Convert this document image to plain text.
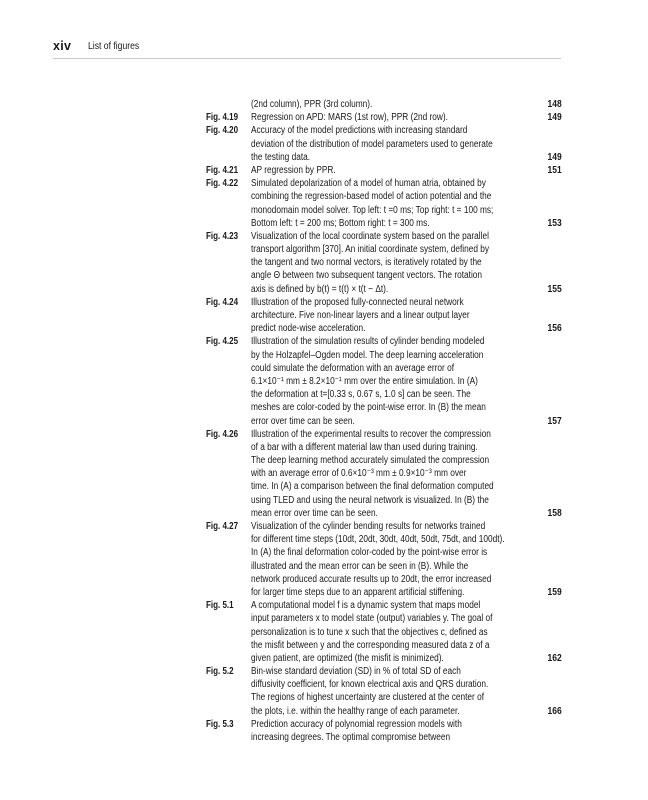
xiv List of figures
(2nd column), PPR (3rd column).	148
Fig. 4.19 Regression on APD: MARS (1st row), PPR (2nd row).	149
Fig. 4.20 Accuracy of the model predictions with increasing standard
deviation of the distribution of model parameters used to generate
the testing data.	149
Fig. 4.21 AP regression by PPR.	151
Fig. 4.22 Simulated depolarization of a model of human atria, obtained by
combining the regression-based model of action potential and the
monodomain model solver. Top left: t =0 ms; Top right: t = 100 ms;
Bottom left: t = 200 ms; Bottom right: t = 300 ms.	153
Fig. 4.23 Visualization of the local coordinate system based on the parallel
transport algorithm [370]. An initial coordinate system, defined by
the tangent and two normal vectors, is iteratively rotated by the
angle Θ between two subsequent tangent vectors. The rotation
axis is defined by b(t) = t(t) × t(t − Δt).	155
Fig. 4.24 Illustration of the proposed fully-connected neural network
architecture. Five non-linear layers and a linear output layer
predict node-wise acceleration.	156
Fig. 4.25 Illustration of the simulation results of cylinder bending modeled
by the Holzapfel–Ogden model. The deep learning acceleration
could simulate the deformation with an average error of
6.1×10⁻¹ mm ± 8.2×10⁻¹ mm over the entire simulation. In (A)
the deformation at t=[0.33 s, 0.67 s, 1.0 s] can be seen. The
meshes are color-coded by the point-wise error. In (B) the mean
error over time can be seen.	157
Fig. 4.26 Illustration of the experimental results to recover the compression
of a bar with a different material law than used during training.
The deep learning method accurately simulated the compression
with an average error of 0.6×10⁻³ mm ± 0.9×10⁻³ mm over
time. In (A) a comparison between the final deformation computed
using TLED and using the neural network is visualized. In (B) the
mean error over time can be seen.	158
Fig. 4.27 Visualization of the cylinder bending results for networks trained
for different time steps (10dt, 20dt, 30dt, 40dt, 50dt, 75dt, and 100dt).
In (A) the final deformation color-coded by the point-wise error is
illustrated and the mean error can be seen in (B). While the
network produced accurate results up to 20dt, the error increased
for larger time steps due to an apparent artificial stiffening.	159
Fig. 5.1 A computational model f is a dynamic system that maps model
input parameters x to model state (output) variables y. The goal of
personalization is to tune x such that the objectives c, defined as
the misfit between y and the corresponding measured data z of a
given patient, are optimized (the misfit is minimized).	162
Fig. 5.2 Bin-wise standard deviation (SD) in % of total SD of each
diffusivity coefficient, for known electrical axis and QRS duration.
The regions of highest uncertainty are clustered at the center of
the plots, i.e. within the healthy range of each parameter.	166
Fig. 5.3 Prediction accuracy of polynomial regression models with
increasing degrees. The optimal compromise between
